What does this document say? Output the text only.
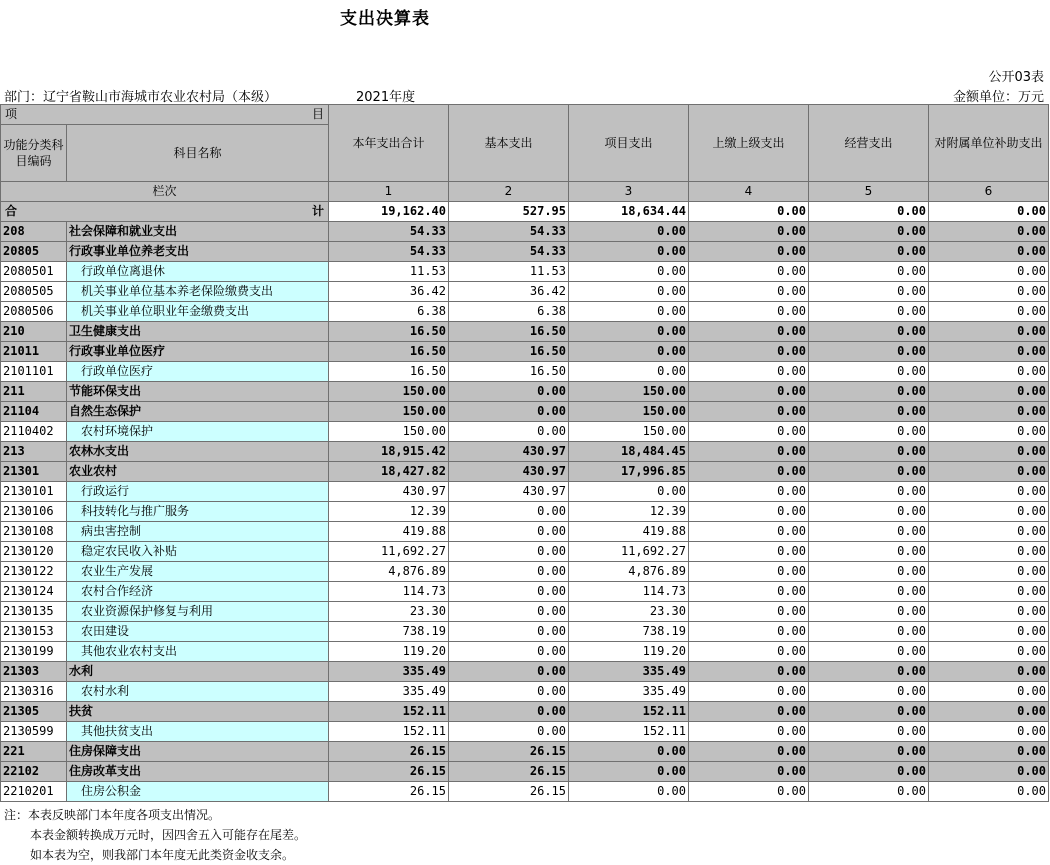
支出决算表
公开03表
部门：辽宁省鞍山市海城市农业农村局（本级）	2021年度	金额单位：万元
项 目		本年支出合计	基本支出	项目支出	上缴上级支出	经营支出	对附属单位补助支出
功能分类科目编码	科目名称						

栏次		1	2	3	4	5	6

合 计		19,162.40	527.95	18,634.44	0.00	0.00	0.00
208	社会保障和就业支出	54.33	54.33	0.00	0.00	0.00	0.00
20805	行政事业单位养老支出	54.33	54.33	0.00	0.00	0.00	0.00
2080501	行政单位离退休	11.53	11.53	0.00	0.00	0.00	0.00
2080505	机关事业单位基本养老保险缴费支出	36.42	36.42	0.00	0.00	0.00	0.00
2080506	机关事业单位职业年金缴费支出	6.38	6.38	0.00	0.00	0.00	0.00
210	卫生健康支出	16.50	16.50	0.00	0.00	0.00	0.00
21011	行政事业单位医疗	16.50	16.50	0.00	0.00	0.00	0.00
2101101	行政单位医疗	16.50	16.50	0.00	0.00	0.00	0.00
211	节能环保支出	150.00	0.00	150.00	0.00	0.00	0.00
21104	自然生态保护	150.00	0.00	150.00	0.00	0.00	0.00
2110402	农村环境保护	150.00	0.00	150.00	0.00	0.00	0.00
213	农林水支出	18,915.42	430.97	18,484.45	0.00	0.00	0.00
21301	农业农村	18,427.82	430.97	17,996.85	0.00	0.00	0.00
2130101	行政运行	430.97	430.97	0.00	0.00	0.00	0.00
2130106	科技转化与推广服务	12.39	0.00	12.39	0.00	0.00	0.00
2130108	病虫害控制	419.88	0.00	419.88	0.00	0.00	0.00
2130120	稳定农民收入补贴	11,692.27	0.00	11,692.27	0.00	0.00	0.00
2130122	农业生产发展	4,876.89	0.00	4,876.89	0.00	0.00	0.00
2130124	农村合作经济	114.73	0.00	114.73	0.00	0.00	0.00
2130135	农业资源保护修复与利用	23.30	0.00	23.30	0.00	0.00	0.00
2130153	农田建设	738.19	0.00	738.19	0.00	0.00	0.00
2130199	其他农业农村支出	119.20	0.00	119.20	0.00	0.00	0.00
21303	水利	335.49	0.00	335.49	0.00	0.00	0.00
2130316	农村水利	335.49	0.00	335.49	0.00	0.00	0.00
21305	扶贫	152.11	0.00	152.11	0.00	0.00	0.00
2130599	其他扶贫支出	152.11	0.00	152.11	0.00	0.00	0.00
221	住房保障支出	26.15	26.15	0.00	0.00	0.00	0.00
22102	住房改革支出	26.15	26.15	0.00	0.00	0.00	0.00
2210201	住房公积金	26.15	26.15	0.00	0.00	0.00	0.00
注：本表反映部门本年度各项支出情况。
本表金额转换成万元时，因四舍五入可能存在尾差。
如本表为空，则我部门本年度无此类资金收支余。
